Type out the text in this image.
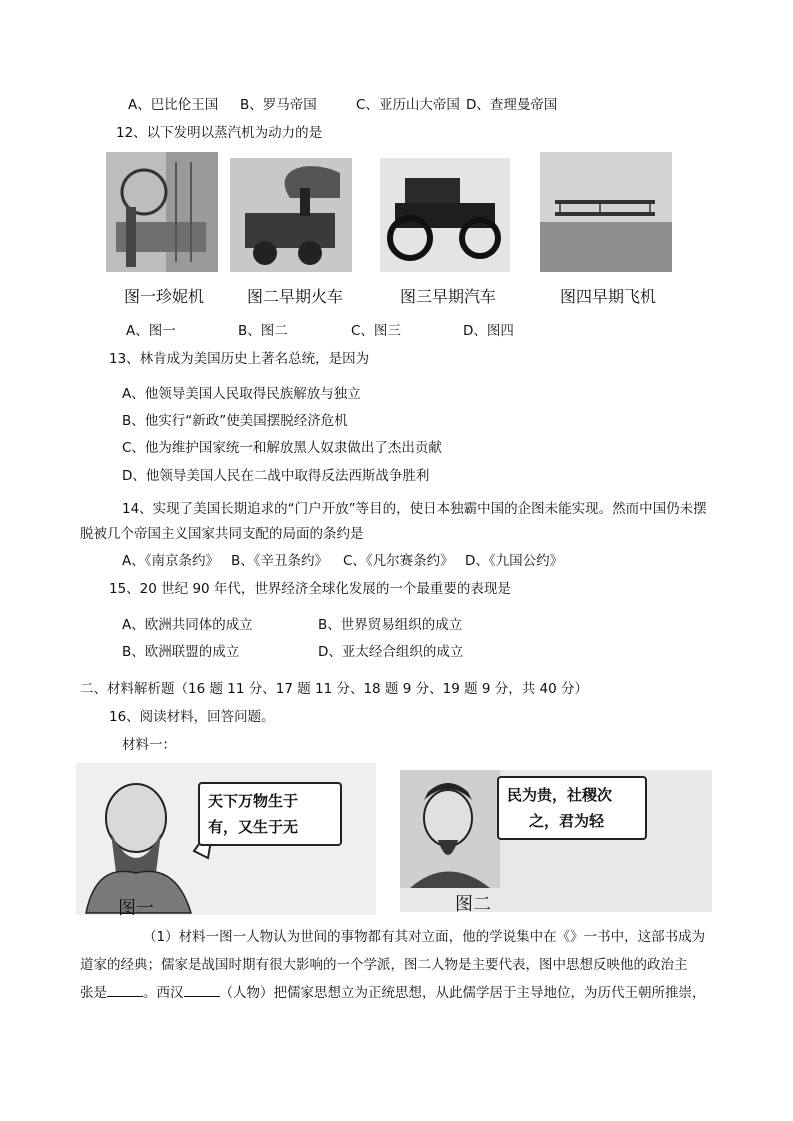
A、巴比伦王国 B、罗马帝国	C、亚历山大帝国 D、查理曼帝国
12、以下发明以蒸汽机为动力的是
图一珍妮机	图二早期火车	图三早期汽车	图四早期飞机
A、图一	B、图二	C、图三	D、图四
13、林肯成为美国历史上著名总统，是因为
A、他领导美国人民取得民族解放与独立
B、他实行“新政”使美国摆脱经济危机
C、他为维护国家统一和解放黑人奴隶做出了杰出贡献
D、他领导美国人民在二战中取得反法西斯战争胜利
14、实现了美国长期追求的“门户开放”等目的，使日本独霸中国的企图未能实现。然而中国仍未摆
脱被几个帝国主义国家共同支配的局面的条约是
A、《南京条约》 B、《辛丑条约》 C、《凡尔赛条约》 D、《九国公约》
15、20 世纪 90 年代，世界经济全球化发展的一个最重要的表现是
A、欧洲共同体的成立	B、世界贸易组织的成立
B、欧洲联盟的成立	D、亚太经合组织的成立
二、材料解析题（16 题 11 分、17 题 11 分、18 题 9 分、19 题 9 分，共 40 分）
16、阅读材料，回答问题。
材料一：
天下万物生于
有，又生于无
图一
民为贵，社稷次
之，君为轻
图二
（1）材料一图一人物认为世间的事物都有其对立面，他的学说集中在《》一书中，这部书成为
道家的经典；儒家是战国时期有很大影响的一个学派，图二人物是主要代表，图中思想反映他的政治主
张是	。西汉	（人物）把儒家思想立为正统思想，从此儒学居于主导地位，为历代王朝所推崇，
